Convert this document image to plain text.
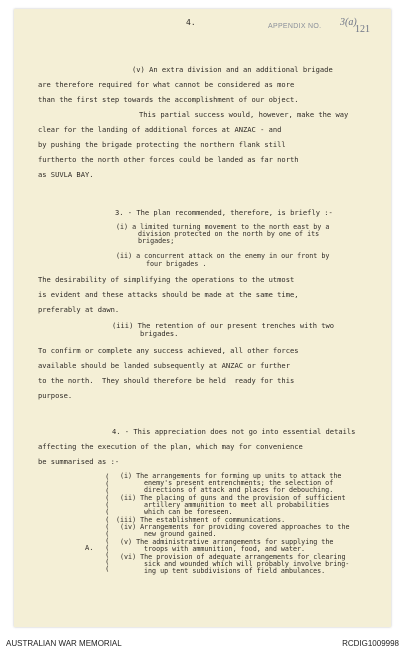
4.	APPENDIX NO. 3(a)
121
(v) An extra division and an additional brigade
are therefore required for what cannot be considered as more
than the first step towards the accomplishment of our object.
This partial success would, however, make the way
clear for the landing of additional forces at ANZAC - and
by pushing the brigade protecting the northern flank still
furtherto the north other forces could be landed as far north
as SUVLA BAY.
3. - The plan recommended, therefore, is briefly :-
(i) a limited turning movement to the north east by a
division protected on the north by one of its
brigades;
(ii) a concurrent attack on the enemy in our front by
four brigades .
The desirability of simplifying the operations to the utmost
is evident and these attacks should be made at the same time,
preferably at dawn.
(iii) The retention of our present trenches with two
brigades.
To confirm or complete any success achieved, all other forces
available should be landed subsequently at ANZAC or further
to the north.  They should therefore be held  ready for this
purpose.
4. - This appreciation does not go into essential details
affecting the execution of the plan, which may for convenience
be summarised as :-
(
(
(
(
(
(
(
(
(
(
(
(
(
(
A.
(i) The arrangements for forming up units to attack the
enemy's present entrenchments; the selection of
directions of attack and places for debouching.
(ii) The placing of guns and the provision of sufficient
artillery ammunition to meet all probabilities
which can be foreseen.
(iii) The establishment of communications.
(iv) Arrangements for providing covered approaches to the
new ground gained.
(v) The administrative arrangements for supplying the
troops with ammunition, food, and water.
(vi) The provision of adequate arrangements for clearing
sick and wounded which will probably involve bring-
ing up tent subdivisions of field ambulances.
AUSTRALIAN WAR MEMORIAL	RCDIG1009998
